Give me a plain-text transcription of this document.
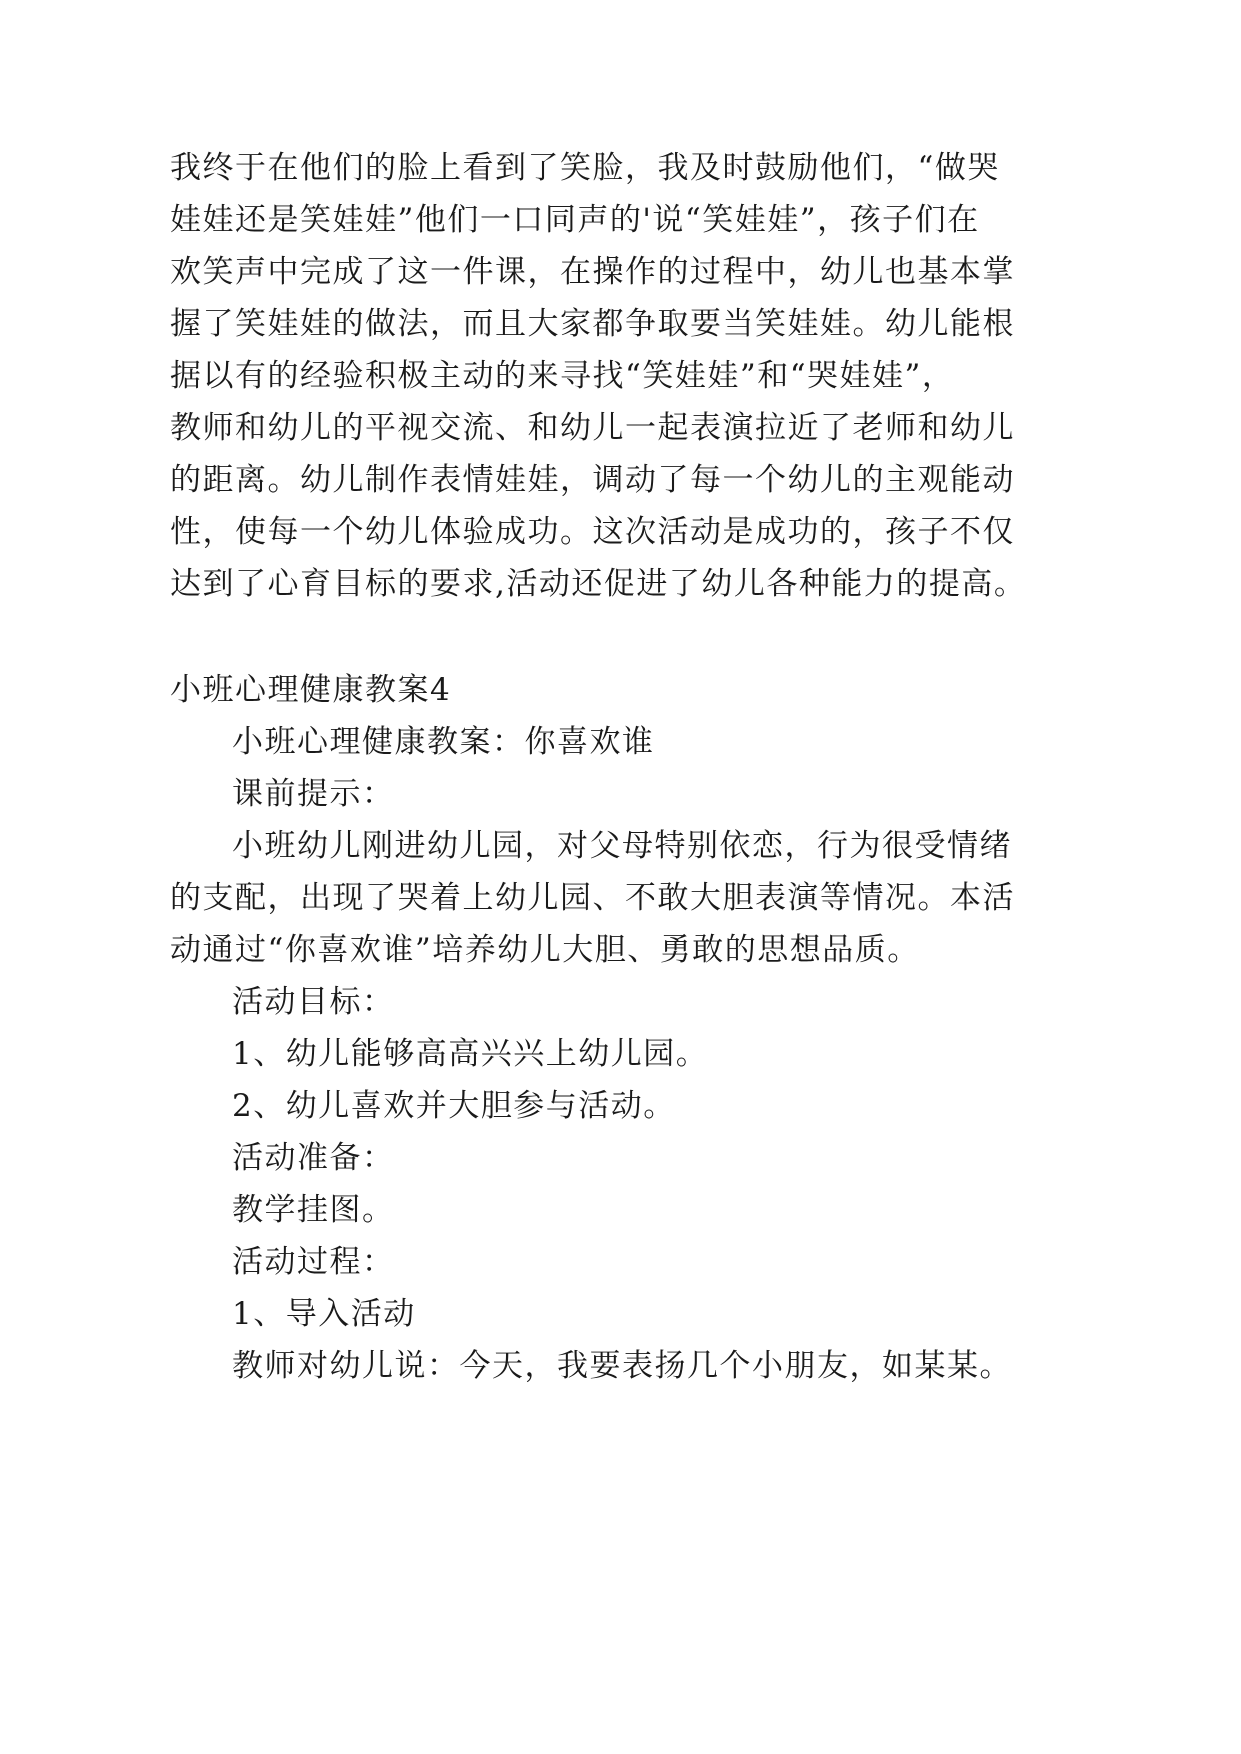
我终于在他们的脸上看到了笑脸，我及时鼓励他们，“做哭
娃娃还是笑娃娃”他们一口同声的'说“笑娃娃”，孩子们在
欢笑声中完成了这一件课，在操作的过程中，幼儿也基本掌
握了笑娃娃的做法，而且大家都争取要当笑娃娃。幼儿能根
据以有的经验积极主动的来寻找“笑娃娃”和“哭娃娃”，
教师和幼儿的平视交流、和幼儿一起表演拉近了老师和幼儿
的距离。幼儿制作表情娃娃，调动了每一个幼儿的主观能动
性，使每一个幼儿体验成功。这次活动是成功的，孩子不仅
达到了心育目标的要求,活动还促进了幼儿各种能力的提高。
小班心理健康教案4
小班心理健康教案：你喜欢谁
课前提示：
小班幼儿刚进幼儿园，对父母特别依恋，行为很受情绪
的支配，出现了哭着上幼儿园、不敢大胆表演等情况。本活
动通过“你喜欢谁”培养幼儿大胆、勇敢的思想品质。
活动目标：
1、幼儿能够高高兴兴上幼儿园。
2、幼儿喜欢并大胆参与活动。
活动准备：
教学挂图。
活动过程：
1、导入活动
教师对幼儿说：今天，我要表扬几个小朋友，如某某。
